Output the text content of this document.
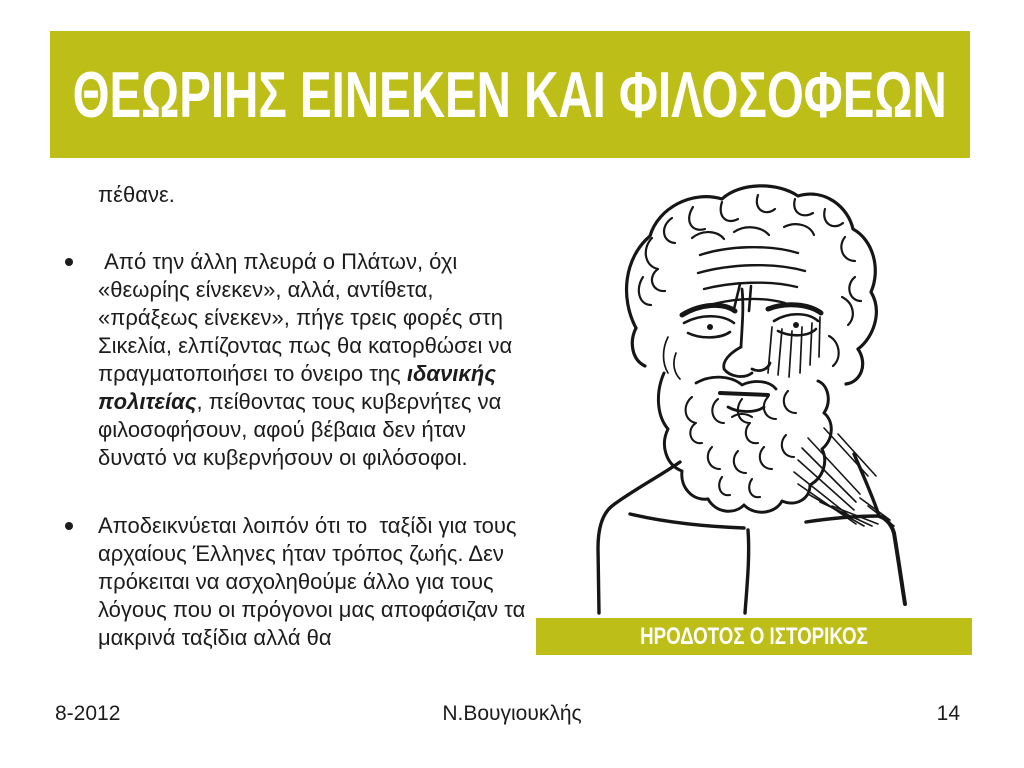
ΘΕΩΡΙΗΣ ΕΙΝΕΚΕΝ ΚΑΙ ΦΙΛΟΣΟΦΕΩΝ
πέθανε.
Από την άλλη πλευρά ο Πλάτων, όχι «θεωρίης είνεκεν», αλλά, αντίθετα, «πράξεως είνεκεν», πήγε τρεις φορές στη Σικελία, ελπίζοντας πως θα κατορθώσει να πραγματοποιήσει το όνειρο της ιδανικής πολιτείας, πείθοντας τους κυβερνήτες να φιλοσοφήσουν, αφού βέβαια δεν ήταν δυνατό να κυβερνήσουν οι φιλόσοφοι.
Αποδεικνύεται λοιπόν ότι το  ταξίδι για τους αρχαίους Έλληνες ήταν τρόπος ζωής. Δεν πρόκειται να ασχοληθούμε άλλο για τους λόγους που οι πρόγονοι μας αποφάσιζαν τα μακρινά ταξίδια αλλά θα	ΗΡΟΔΟΤΟΣ Ο ΙΣΤΟΡΙΚΟΣ
Ν.Βουγιουκλής
8-2012	14
